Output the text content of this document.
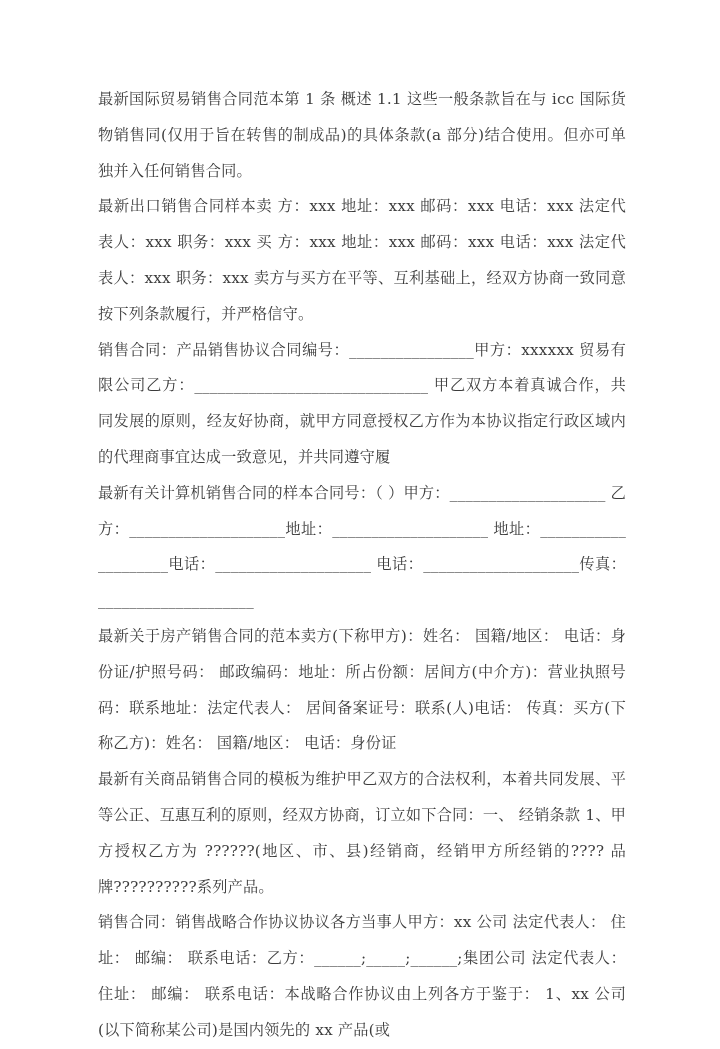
最新国际贸易销售合同范本第 1 条 概述 1.1 这些一般条款旨在与 icc 国际货物销售同(仅用于旨在转售的制成品)的具体条款(a 部分)结合使用。但亦可单独并入任何销售合同。

最新出口销售合同样本卖 方：xxx 地址：xxx 邮码：xxx 电话：xxx 法定代表人：xxx 职务：xxx 买 方：xxx 地址：xxx 邮码：xxx 电话：xxx 法定代表人：xxx 职务：xxx 卖方与买方在平等、互利基础上，经双方协商一致同意按下列条款履行，并严格信守。

销售合同：产品销售协议合同编号：________________甲方：xxxxxx 贸易有限公司乙方：______________________________ 甲乙双方本着真诚合作，共同发展的原则，经友好协商，就甲方同意授权乙方作为本协议指定行政区域内的代理商事宜达成一致意见，并共同遵守履

最新有关计算机销售合同的样本合同号：（ ）甲方：____________________ 乙方：____________________地址：____________________ 地址：____________________电话：____________________ 电话：____________________传真：____________________

最新关于房产销售合同的范本卖方(下称甲方)：姓名： 国籍/地区： 电话：身份证/护照号码： 邮政编码：地址：所占份额：居间方(中介方)：营业执照号码：联系地址：法定代表人： 居间备案证号：联系(人)电话： 传真：买方(下称乙方)：姓名： 国籍/地区： 电话：身份证

最新有关商品销售合同的模板为维护甲乙双方的合法权利，本着共同发展、平等公正、互惠互利的原则，经双方协商，订立如下合同：一、 经销条款 1、甲方授权乙方为 ??????(地区、市、县)经销商，经销甲方所经销的???? 品牌??????????系列产品。

销售合同：销售战略合作协议协议各方当事人甲方：xx 公司 法定代表人： 住址： 邮编： 联系电话：乙方：______;_____;______;集团公司 法定代表人： 住址： 邮编： 联系电话：本战略合作协议由上列各方于鉴于： 1、xx 公司(以下简称某公司)是国内领先的 xx 产品(或
